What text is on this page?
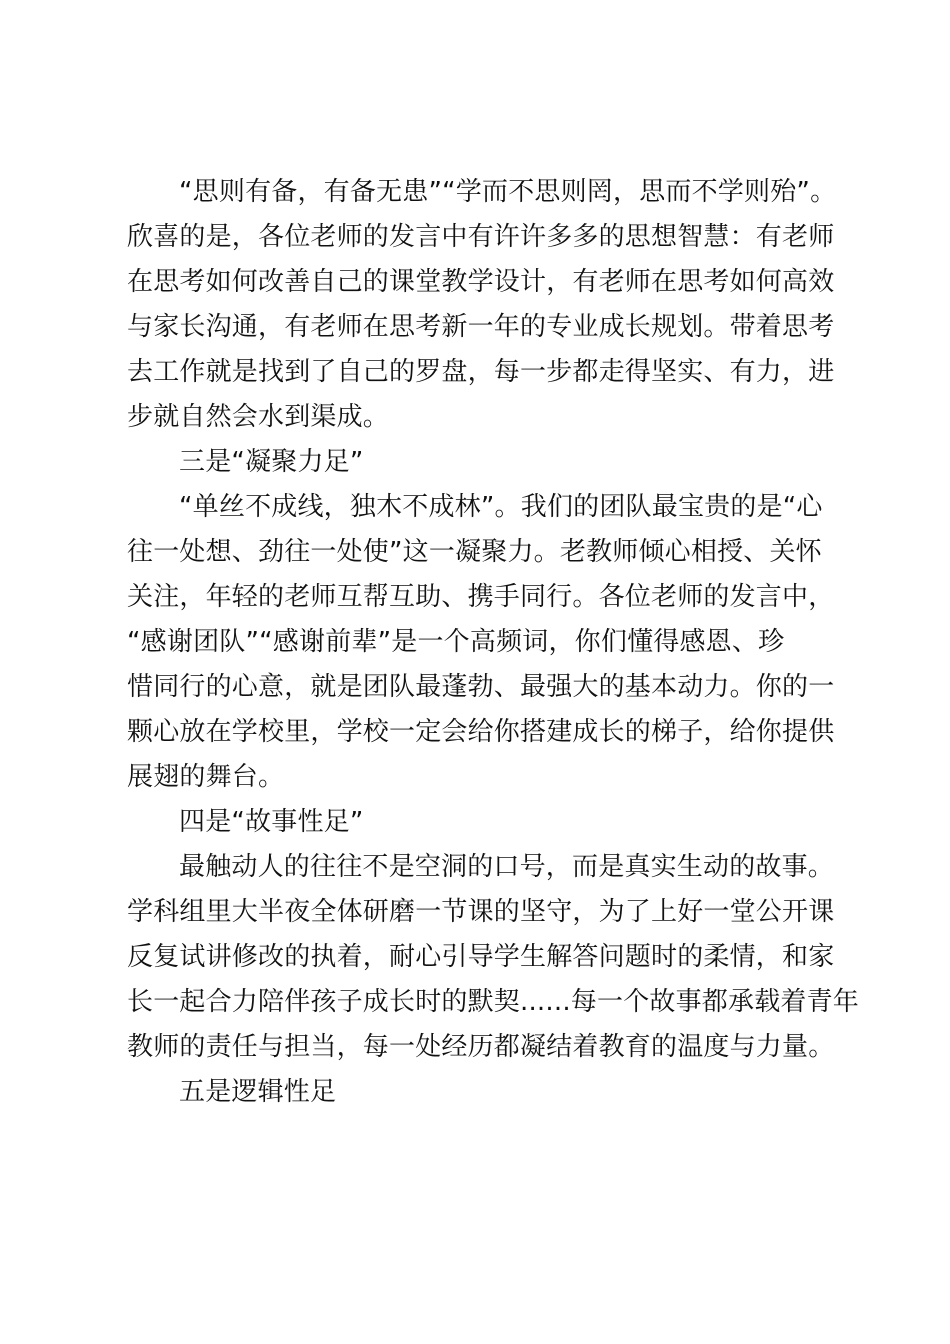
“思则有备，有备无患”“学而不思则罔，思而不学则殆”。
欣喜的是，各位老师的发言中有许许多多的思想智慧：有老师
在思考如何改善自己的课堂教学设计，有老师在思考如何高效
与家长沟通，有老师在思考新一年的专业成长规划。带着思考
去工作就是找到了自己的罗盘，每一步都走得坚实、有力，进
步就自然会水到渠成。
三是“凝聚力足”
“单丝不成线，独木不成林”。我们的团队最宝贵的是“心
往一处想、劲往一处使”这一凝聚力。老教师倾心相授、关怀
关注，年轻的老师互帮互助、携手同行。各位老师的发言中，
“感谢团队”“感谢前辈”是一个高频词，你们懂得感恩、珍
惜同行的心意，就是团队最蓬勃、最强大的基本动力。你的一
颗心放在学校里，学校一定会给你搭建成长的梯子，给你提供
展翅的舞台。
四是“故事性足”
最触动人的往往不是空洞的口号，而是真实生动的故事。
学科组里大半夜全体研磨一节课的坚守，为了上好一堂公开课
反复试讲修改的执着，耐心引导学生解答问题时的柔情，和家
长一起合力陪伴孩子成长时的默契......每一个故事都承载着青年
教师的责任与担当，每一处经历都凝结着教育的温度与力量。
五是逻辑性足
